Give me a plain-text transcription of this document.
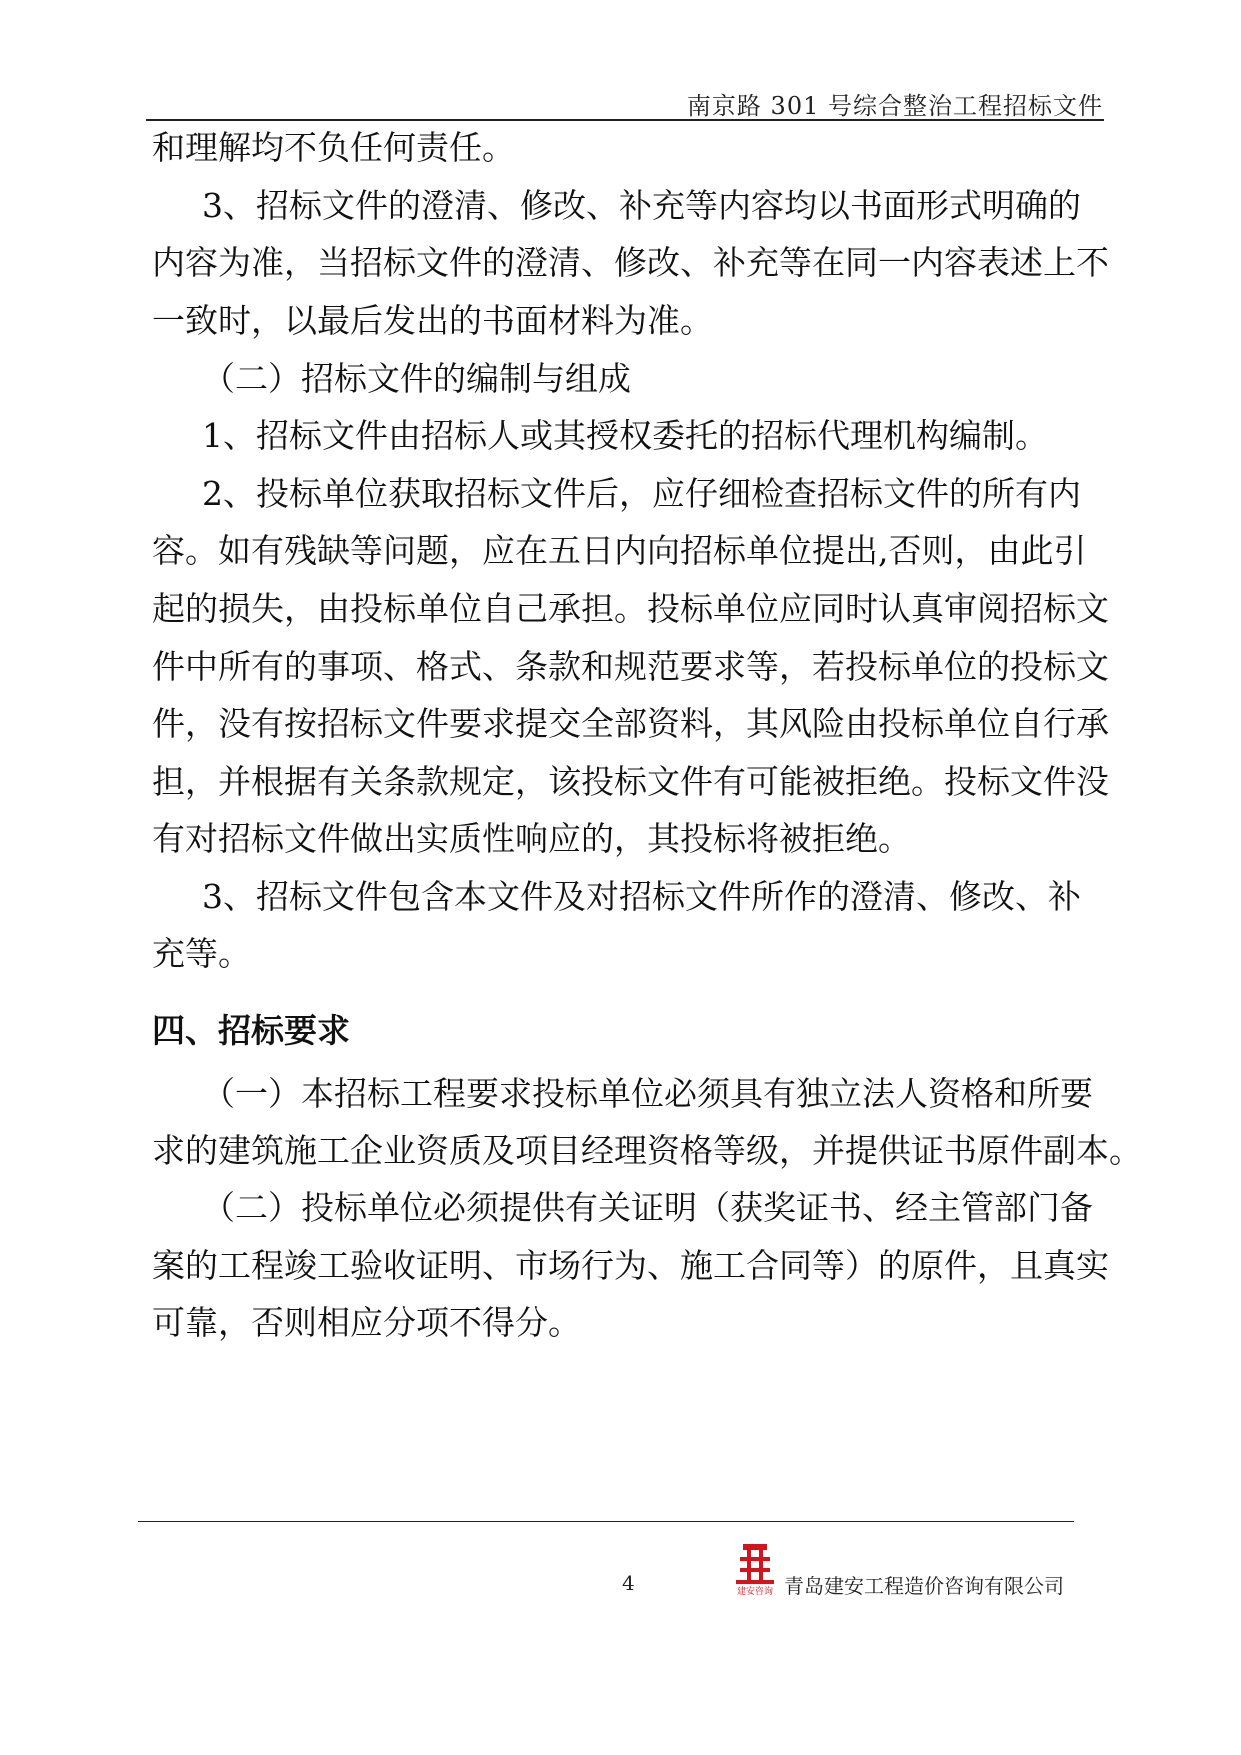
南京路 301 号综合整治工程招标文件
和理解均不负任何责任。
3、招标文件的澄清、修改、补充等内容均以书面形式明确的
内容为准，当招标文件的澄清、修改、补充等在同一内容表述上不
一致时，以最后发出的书面材料为准。
（二）招标文件的编制与组成
1、招标文件由招标人或其授权委托的招标代理机构编制。
2、投标单位获取招标文件后，应仔细检查招标文件的所有内
容。如有残缺等问题，应在五日内向招标单位提出,否则，由此引
起的损失，由投标单位自己承担。投标单位应同时认真审阅招标文
件中所有的事项、格式、条款和规范要求等，若投标单位的投标文
件，没有按招标文件要求提交全部资料，其风险由投标单位自行承
担，并根据有关条款规定，该投标文件有可能被拒绝。投标文件没
有对招标文件做出实质性响应的，其投标将被拒绝。
3、招标文件包含本文件及对招标文件所作的澄清、修改、补
充等。
四、招标要求
（一）本招标工程要求投标单位必须具有独立法人资格和所要
求的建筑施工企业资质及项目经理资格等级，并提供证书原件副本。
（二）投标单位必须提供有关证明（获奖证书、经主管部门备
案的工程竣工验收证明、市场行为、施工合同等）的原件，且真实
可靠，否则相应分项不得分。
4	建安咨询 青岛建安工程造价咨询有限公司
